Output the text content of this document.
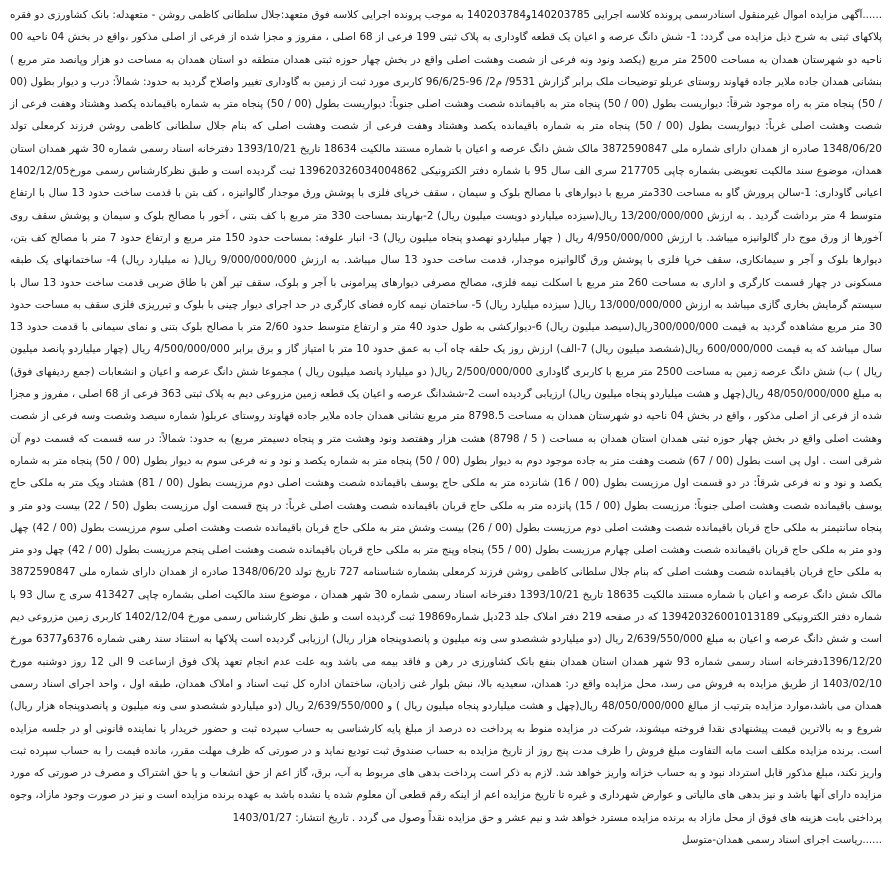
......آگهی مزایده اموال غیرمنقول اسنادرسمی پرونده کلاسه اجرایی 140203785و140203784 به موجب پرونده اجرایی کلاسه فوق متعهد:جلال سلطانی کاظمی روشن - متعهدله: بانک کشاورزی دو فقره پلاکهای ثبتی به شرح ذیل مزایده می گردد: 1- شش دانگ عرصه و اعیان یک قطعه گاوداری به پلاک ثبتی 199 فرعی از 68 اصلی ، مفروز و مجزا شده از فرعی از اصلی مذکور ،واقع در بخش 04 ناحیه 00 ناحیه دو شهرستان همدان به مساحت 2500 متر مربع (یکصد ونود ونه فرعی از شصت وهشت اصلی واقع در بخش چهار حوزه ثبتی همدان منطقه دو استان همدان به مساحت دو هزار وپانصد متر مربع ) بنشانی همدان جاده ملایر جاده قهاوند روستای عربلو توضیحات ملک برابر گزارش 9531/ م2/ 96-96/6/25 کاربری مورد ثبت از زمین به گاوداری تغییر واصلاح گردید به حدود: شمالاً: درب و دیوار بطول (00 / 50) پنجاه متر به راه موجود شرقاً: دیواریست بطول (00 / 50) پنجاه متر به باقیمانده شصت وهشت اصلی جنوباً: دیواریست بطول (00 / 50) پنجاه متر به شماره باقیمانده یکصد وهشتاد وهفت فرعی از شصت وهشت اصلی غرباً: دیواریست بطول (00 / 50) پنجاه متر به شماره باقیمانده یکصد وهشتاد وهفت فرعی از شصت وهشت اصلی که بنام جلال سلطانی کاظمی روشن فرزند کرمعلی تولد 1348/06/20 صادره از همدان دارای شماره ملی 3872590847 مالک شش دانگ عرصه و اعیان با شماره مستند مالکیت 18634 تاریخ 1393/10/21 دفترخانه اسناد رسمی شماره 30 شهر همدان استان همدان، موضوع سند مالکیت تعویضی بشماره چاپی 217705 سری الف سال 95 با شماره دفتر الکترونیکی 139620326034004862 ثبت گردیده است و طبق نظرکارشناس رسمی مورخ1402/12/05 اعیانی گاوداری: 1-سالن پرورش گاو به مساحت 330متر مربع با دیوارهای با مصالح بلوک و سیمان ، سقف خرپای فلزی با پوشش ورق موجدار گالوانیزه ، کف بتن با قدمت ساخت حدود 13 سال با ارتفاع متوسط 4 متر برداشت گردید . به ارزش 13/200/000/000 ریال(سیزده میلیاردو دویست میلیون ریال) 2-بهاربند بمساحت 330 متر مربع با کف بتنی ، آخور با مصالح بلوک و سیمان و پوشش سقف روی آخورها از ورق موج دار گالوانیزه میباشد. با ارزش 4/950/000/000 ریال ( چهار میلیاردو نهصدو پنجاه میلیون ریال) 3- انبار علوفه: بمساحت حدود 150 متر مربع و ارتفاع حدود 7 متر با مصالح کف بتن، دیوارها بلوک و آجر و سیمانکاری، سقف خرپا فلزی با پوشش ورق گالوانیزه موجدار، قدمت ساخت حدود 13 سال میباشد. به ارزش 9/000/000/000 ریال( نه میلیارد ریال) 4- ساختمانهای یک طبقه مسکونی در چهار قسمت کارگری و اداری به مساحت 260 متر مربع با اسکلت نیمه فلزی، مصالح مصرفی دیوارهای پیرامونی با آجر و بلوک، سقف تیر آهن با طاق ضربی قدمت ساخت حدود 13 سال با سیستم گرمایش بخاری گازی میباشد به ارزش 13/000/000/000 ریال( سیزده میلیارد ریال) 5- ساختمان نیمه کاره فضای کارگری در حد اجرای دیوار چینی با بلوک و تیرریزی فلزی سقف به مساحت حدود 30 متر مربع مشاهده گردید به قیمت 300/000/000ریال(سیصد میلیون ریال) 6-دیوارکشی به طول حدود 40 متر و ارتفاع متوسط حدود 2/60 متر با مصالح بلوک بتنی و نمای سیمانی با قدمت حدود 13 سال میباشد که به قیمت 600/000/000 ریال(ششصد میلیون ریال) 7-الف) ارزش روز یک حلقه چاه آب به عمق حدود 10 متر با امتیاز گاز و برق برابر 4/500/000/000 ریال (چهار میلیاردو پانصد میلیون ریال ) ب) شش دانگ عرصه زمین به مساحت 2500 متر مربع با کاربری گاوداری 2/500/000/000 ریال( دو میلیارد پانصد میلیون ریال ) مجموعا شش دانگ عرصه و اعیان و انشعابات (جمع ردیفهای فوق) به مبلغ 48/050/000/000 ریال(چهل و هشت میلیاردو پنجاه میلیون ریال) ارزیابی گردیده است 2-ششدانگ عرصه و اعیان یک قطعه زمین مزروعی دیم به پلاک ثبتی 363 فرعی از 68 اصلی ، مفروز و مجزا شده از فرعی از اصلی مذکور ، واقع در بخش 04 ناحیه دو شهرستان همدان به مساحت 8798.5 متر مربع نشانی همدان جاده ملایر جاده قهاوند روستای عربلو( شماره سیصد وشصت وسه فرعی از شصت وهشت اصلی واقع در بخش چهار حوزه ثبتی همدان استان همدان به مساحت ( 5 / 8798) هشت هزار وهفتصد ونود وهشت متر و پنجاه دسیمتر مربع) به حدود: شمالاً: در سه قسمت که قسمت دوم آن شرقی است . اول پی است بطول (00 / 67) شصت وهفت متر به جاده موجود دوم به دیوار بطول (00 / 50) پنجاه متر به شماره یکصد و نود و نه فرعی سوم به دیوار بطول (00 / 50) پنجاه متر به شماره یکصد و نود و نه فرعی شرقاً: در دو قسمت اول مرزیست بطول (00 / 16) شانزده متر به ملکی حاج یوسف باقیمانده شصت وهشت اصلی دوم مرزیست بطول (00 / 81) هشتاد ویک متر به ملکی حاج یوسف باقیمانده شصت وهشت اصلی جنوباً: مرزیست بطول (00 / 15) پانزده متر به ملکی حاج قربان باقیمانده شصت وهشت اصلی غرباً: در پنج قسمت اول مرزیست بطول (50 / 22) بیست ودو متر و پنجاه سانتیمتر به ملکی حاج قربان باقیمانده شصت وهشت اصلی دوم مرزیست بطول (00 / 26) بیست وشش متر به ملکی حاج قربان باقیمانده شصت وهشت اصلی سوم مرزیست بطول (00 / 42) چهل ودو متر به ملکی حاج قربان باقیمانده شصت وهشت اصلی چهارم مرزیست بطول (00 / 55) پنجاه وپنج متر به ملکی حاج قربان باقیمانده شصت وهشت اصلی پنجم مرزیست بطول (00 / 42) چهل ودو متر به ملکی حاج قربان باقیمانده شصت وهشت اصلی که بنام جلال سلطانی کاظمی روشن فرزند کرمعلی بشماره شناسنامه 727 تاریخ تولد 1348/06/20 صادره از همدان دارای شماره ملی 3872590847 مالک شش دانگ عرصه و اعیان با شماره مستند مالکیت 18635 تاریخ 1393/10/21 دفترخانه اسناد رسمی شماره 30 شهر همدان ، موضوع سند مالکیت اصلی بشماره چاپی 413427 سری ج سال 93 با شماره دفتر الکترونیکی 139420326001013189 که در صفحه 219 دفتر املاک جلد 23دیل شماره19869 ثبت گردیده است و طبق نظر کارشناس رسمی مورخ 1402/12/04 کاربری زمین مزروعی دیم است و شش دانگ عرصه و اعیان به مبلغ 2/639/550/000 ریال (دو میلیاردو ششصدو سی ونه میلیون و پانصدوپنجاه هزار ریال) ارزیابی گردیده است پلاکها به استناد سند رهنی شماره 6376و6377 مورخ 1396/12/20دفترخانه اسناد رسمی شماره 93 شهر همدان استان همدان بنفع بانک کشاورزی در رهن و فاقد بیمه می باشد وبه علت عدم انجام تعهد پلاک فوق ازساعت 9 الی 12 روز دوشنبه مورخ 1403/02/10 از طریق مزایده به فروش می رسد، محل مزایده واقع در: همدان، سعیدیه بالا، نبش بلوار غنی زادیان، ساختمان اداره کل ثبت اسناد و املاک همدان، طبقه اول ، واحد اجرای اسناد رسمی همدان می باشد،موارد مزایده بترتیب از مبالغ 48/050/000/000 ریال(چهل و هشت میلیاردو پنجاه میلیون ریال ) و 2/639/550/000 ریال (دو میلیاردو ششصدو سی ونه میلیون و پانصدوپنجاه هزار ریال) شروع و به بالاترین قیمت پیشنهادی نقدا فروخته میشوند، شرکت در مزایده منوط به پرداخت ده درصد از مبلغ پایه کارشناسی به حساب سپرده ثبت و حضور خریدار یا نماینده قانونی او در جلسه مزایده است. برنده مزایده مکلف است مابه التفاوت مبلغ فروش را ظرف مدت پنج روز از تاریخ مزایده به حساب صندوق ثبت تودیع نماید و در صورتی که ظرف مهلت مقرر، مانده قیمت را به حساب سپرده ثبت واریز نکند، مبلغ مذکور قابل استرداد نبود و به حساب خزانه واریز خواهد شد. لازم به ذکر است پرداخت بدهی های مربوط به آب، برق، گاز اعم از حق انشعاب و یا حق اشتراک و مصرف در صورتی که مورد مزایده دارای آنها باشد و نیز بدهی های مالیاتی و عوارض شهرداری و غیره تا تاریخ مزایده اعم از اینکه رقم قطعی آن معلوم شده یا نشده باشد به عهده برنده مزایده است و نیز در صورت وجود مازاد، وجوه پرداختی بابت هزینه های فوق از محل مازاد به برنده مزایده مسترد خواهد شد و نیم عشر و حق مزایده نقداً وصول می گردد . تاریخ انتشار: 1403/01/27

......ریاست اجرای اسناد رسمی همدان-متوسل
